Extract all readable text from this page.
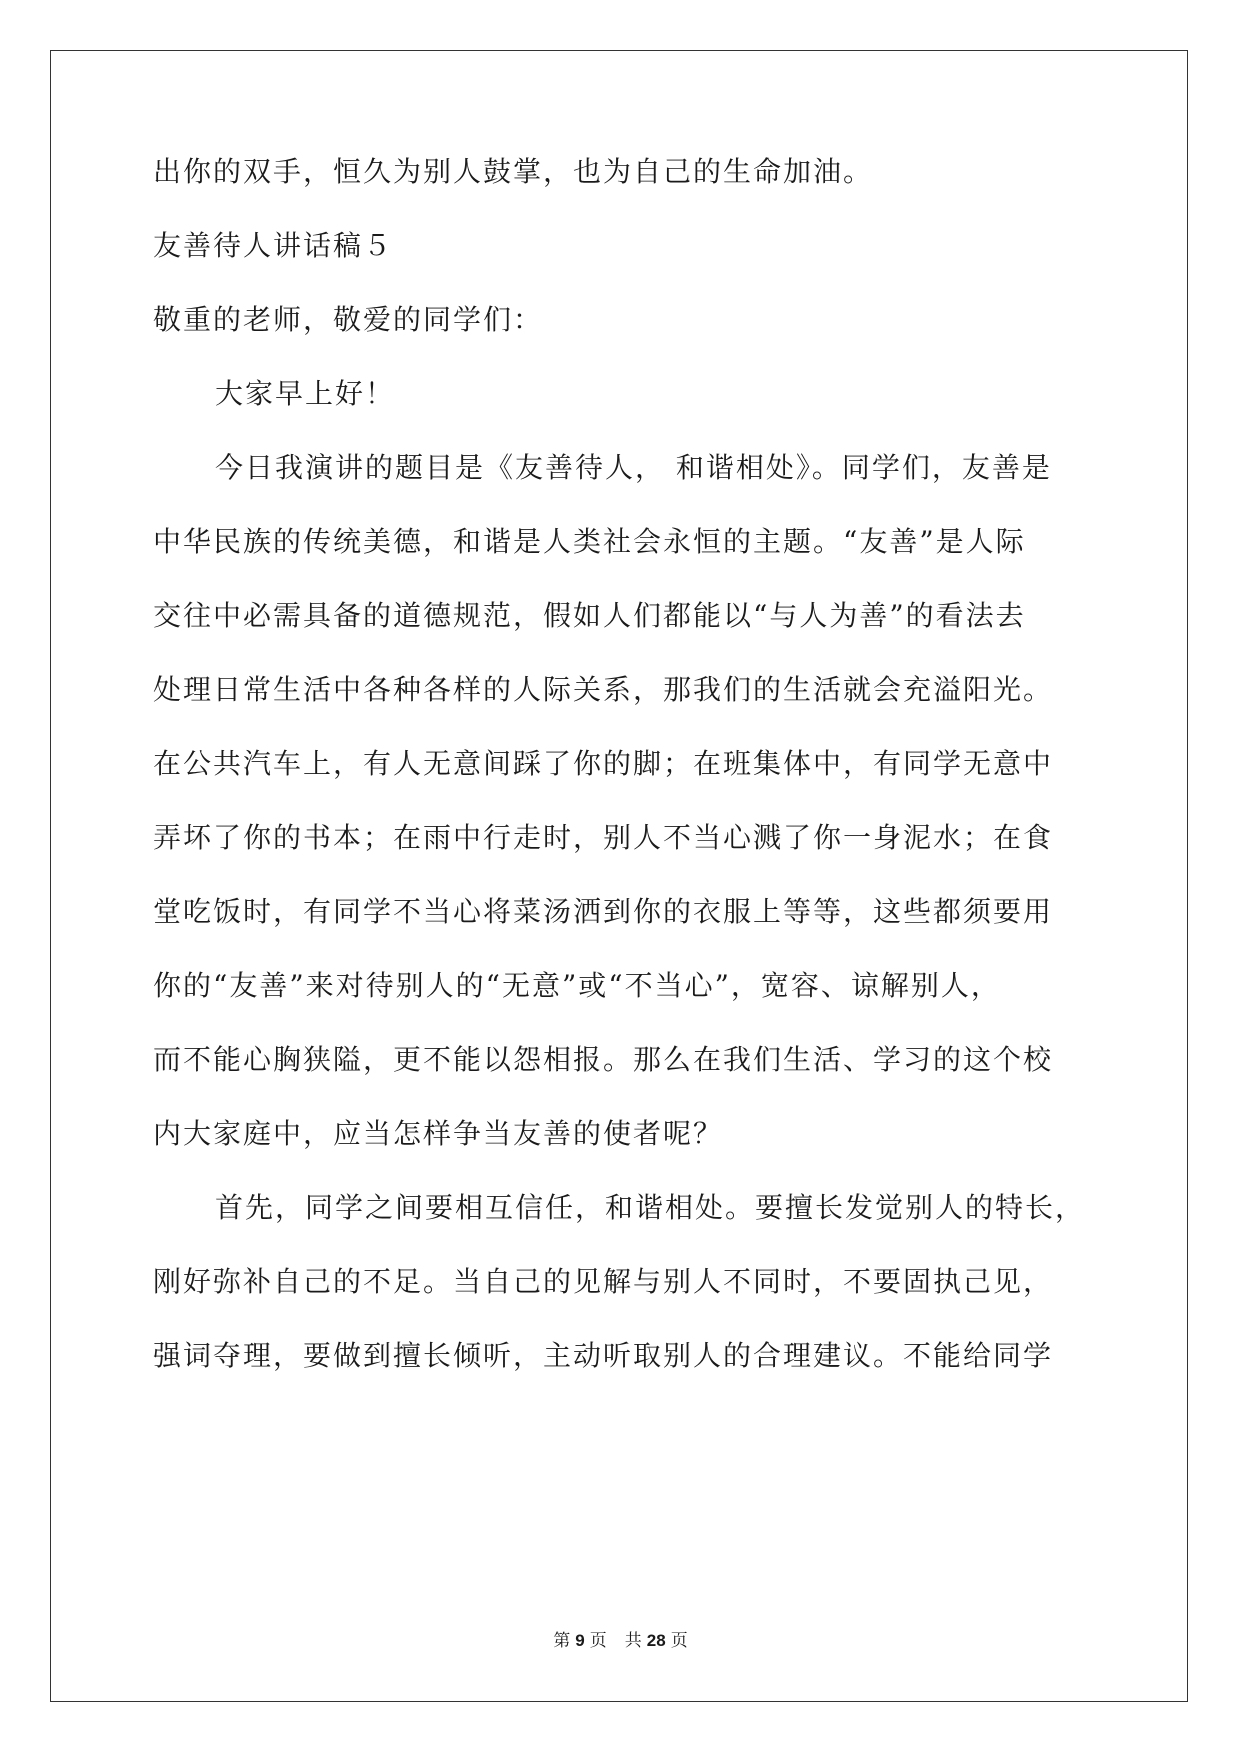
出你的双手，恒久为别人鼓掌，也为自己的生命加油。
友善待人讲话稿５
敬重的老师，敬爱的同学们：
大家早上好！
今日我演讲的题目是《友善待人， 和谐相处》。同学们，友善是
中华民族的传统美德，和谐是人类社会永恒的主题。“友善”是人际
交往中必需具备的道德规范，假如人们都能以“与人为善”的看法去
处理日常生活中各种各样的人际关系，那我们的生活就会充溢阳光。
在公共汽车上，有人无意间踩了你的脚；在班集体中，有同学无意中
弄坏了你的书本；在雨中行走时，别人不当心溅了你一身泥水；在食
堂吃饭时，有同学不当心将菜汤洒到你的衣服上等等，这些都须要用
你的“友善”来对待别人的“无意”或“不当心”，宽容、谅解别人，
而不能心胸狭隘，更不能以怨相报。那么在我们生活、学习的这个校
内大家庭中，应当怎样争当友善的使者呢？
首先，同学之间要相互信任，和谐相处。要擅长发觉别人的特长，
刚好弥补自己的不足。当自己的见解与别人不同时，不要固执己见，
强词夺理，要做到擅长倾听，主动听取别人的合理建议。不能给同学
第 9 页 共 28 页
